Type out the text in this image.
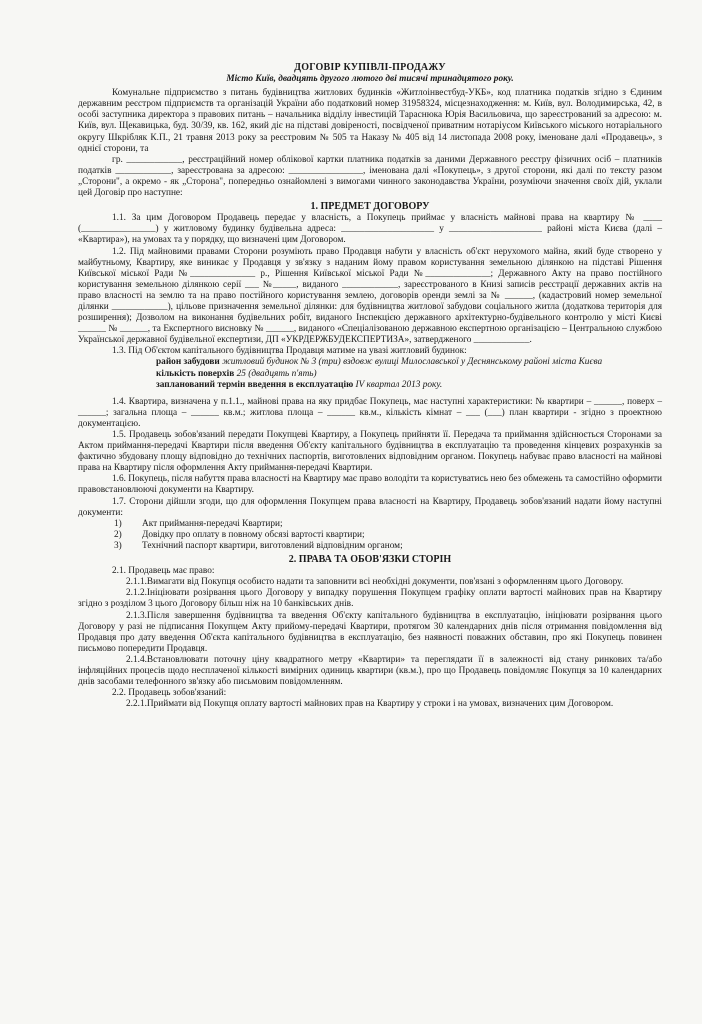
ДОГОВІР КУПІВЛІ-ПРОДАЖУ
Місто Київ, двадцять другого лютого дві тисячі тринадцятого року.

Комунальне підприємство з питань будівництва житлових будинків «Житлоінвестбуд-УКБ», код платника податків згідно з Єдиним державним реєстром підприємств та організацій України або податковий номер 31958324, місцезнаходження: м. Київ, вул. Володимирська, 42, в особі заступника директора з правових питань – начальника відділу інвестицій Тараснюка Юрія Васильовича, що зареєстрований за адресою: м. Київ, вул. Щекавицька, буд. 30/39, кв. 162, який діє на підставі довіреності, посвідченої приватним нотаріусом Київського міського нотаріального округу Шкрібляк К.П., 21 травня 2013 року за реєстровим № 505 та Наказу № 405 від 14 листопада 2008 року, іменоване далі «Продавець», з однієї сторони, та

гр. ____________, реєстраційний номер облікової картки платника податків за даними Державного реєстру фізичних осіб – платників податків ____________, зареєстрована за адресою: ________________, іменована далі «Покупець», з другої сторони, які далі по тексту разом „Сторони", а окремо - як „Сторона", попередньо ознайомлені з вимогами чинного законодавства України, розуміючи значення своїх дій, уклали цей Договір про наступне:

1. ПРЕДМЕТ ДОГОВОРУ

1.1. За цим Договором Продавець передає у власність, а Покупець приймає у власність майнові права на квартиру № ____ (________________) у житловому будинку будівельна адреса: ____________________ у ____________________ районі міста Києва (далі – «Квартира»), на умовах та у порядку, що визначені цим Договором.

1.2. Під майновими правами Сторони розуміють право Продавця набути у власність об'єкт нерухомого майна, який буде створено у майбутньому, Квартиру, яке виникає у Продавця у зв'язку з наданим йому правом користування земельною ділянкою на підставі Рішення Київської міської Ради №______________ р., Рішення Київської міської Ради №______________; Державного Акту на право постійного користування земельною ділянкою серії ___ №_____, виданого ____________, зареєстрованого в Книзі записів реєстрації державних актів на право власності на землю та на право постійного користування землею, договорів оренди землі за № ______, (кадастровий номер земельної ділянки ____________), цільове призначення земельної ділянки: для будівництва житлової забудови соціального житла (додаткова територія для розширення); Дозволом на виконання будівельних робіт, виданого Інспекцією державного архітектурно-будівельного контролю у місті Києві ______ № ______, та Експертного висновку № ______, виданого «Спеціалізованою державною експертною організацією – Центральною службою Української державної будівельної експертизи, ДП «УКРДЕРЖБУДЕКСПЕРТИЗА», затвердженого ____________.

1.3. Під Об'єктом капітального будівництва Продавця матиме на увазі житловий будинок:

район забудови житловий будинок № 3 (три) вздовж вулиці Милославської у Деснянському районі міста Києва

кількість поверхів 25 (двадцять п'ять)

запланований термін введення в експлуатацію IV квартал 2013 року.

1.4. Квартира, визначена у п.1.1., майнові права на яку придбає Покупець, має наступні характеристики: № квартири – ______, поверх – ______; загальна площа – ______ кв.м.; житлова площа – ______ кв.м., кількість кімнат – ___ (___) план квартири - згідно з проектною документацією.

1.5. Продавець зобов'язаний передати Покупцеві Квартиру, а Покупець прийняти її. Передача та приймання здійснюється Сторонами за Актом приймання-передачі Квартири після введення Об'єкту капітального будівництва в експлуатацію та проведення кінцевих розрахунків за фактично збудовану площу відповідно до технічних паспортів, виготовлених відповідним органом. Покупець набуває право власності на майнові права на Квартиру після оформлення Акту приймання-передачі Квартири.

1.6. Покупець, після набуття права власності на Квартиру має право володіти та користуватись нею без обмежень та самостійно оформити правовстановлюючі документи на Квартиру.

1.7. Сторони дійшли згоди, що для оформлення Покупцем права власності на Квартиру, Продавець зобов'язаний надати йому наступні документи:

1)	Акт приймання-передачі Квартири;
2)	Довідку про оплату в повному обсязі вартості квартири;
3)	Технічний паспорт квартири, виготовлений відповідним органом;
2. ПРАВА ТА ОБОВ'ЯЗКИ СТОРІН

2.1. Продавець має право:

2.1.1.Вимагати від Покупця особисто надати та заповнити всі необхідні документи, пов'язані з оформленням цього Договору.

2.1.2.Ініціювати розірвання цього Договору у випадку порушення Покупцем графіку оплати вартості майнових прав на Квартиру згідно з розділом 3 цього Договору більш ніж на 10 банківських днів.

2.1.3.Після завершення будівництва та введення Об'єкту капітального будівництва в експлуатацію, ініціювати розірвання цього Договору у разі не підписання Покупцем Акту прийому-передачі Квартири, протягом 30 календарних днів після отримання повідомлення від Продавця про дату введення Об'єкта капітального будівництва в експлуатацію, без наявності поважних обставин, про які Покупець повинен письмово попередити Продавця.

2.1.4.Встановлювати поточну ціну квадратного метру «Квартири» та переглядати її в залежності від стану ринкових та/або інфляційних процесів щодо несплаченої кількості вимірних одиниць квартири (кв.м.), про що Продавець повідомляє Покупця за 10 календарних днів засобами телефонного зв'язку або письмовим повідомленням.

2.2. Продавець зобов'язаний:

2.2.1.Приймати від Покупця оплату вартості майнових прав на Квартиру у строки і на умовах, визначених цим Договором.
